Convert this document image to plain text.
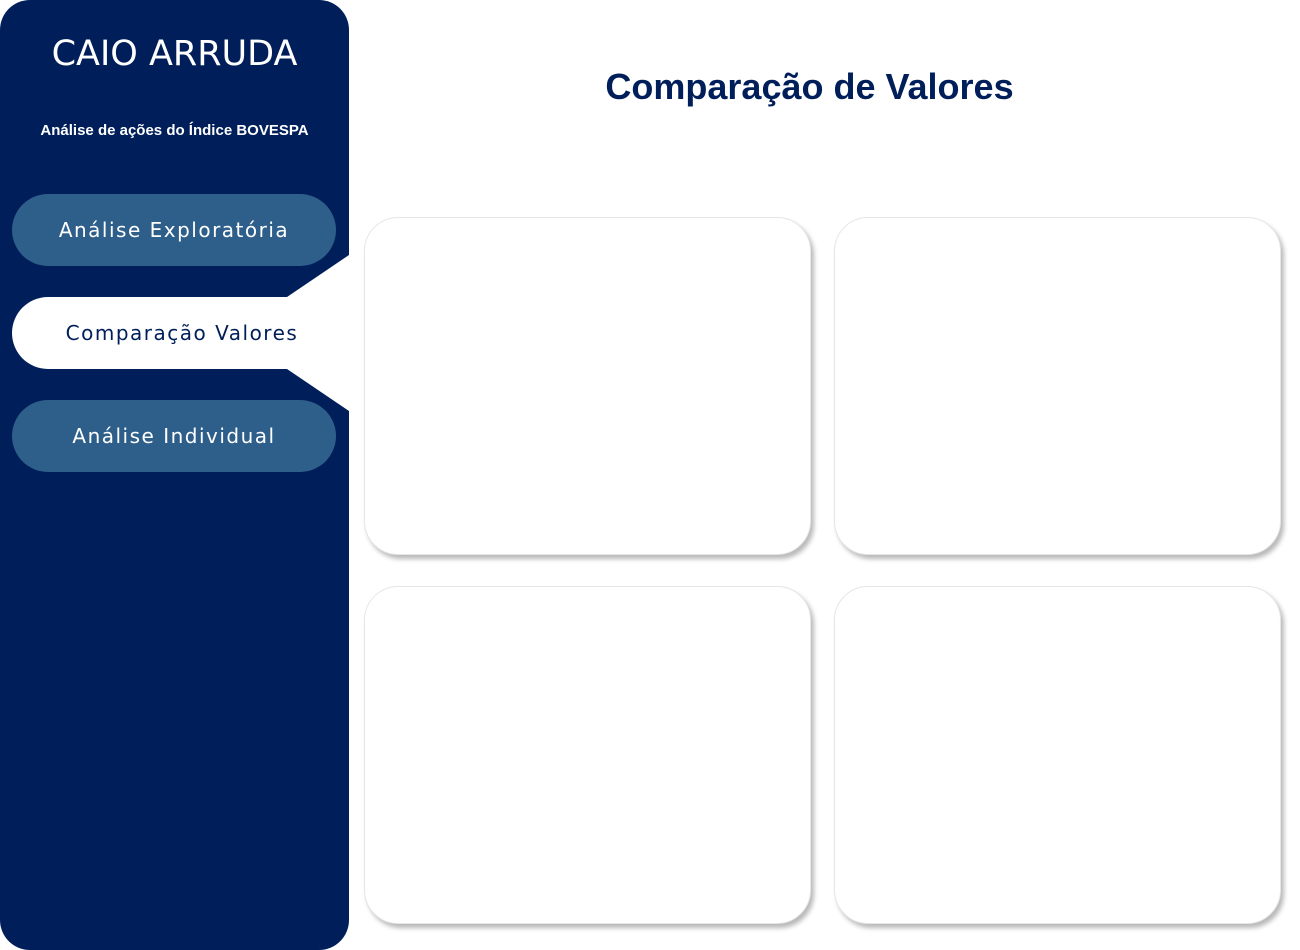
CAIO ARRUDA
Análise de ações do Índice BOVESPA
Análise Exploratória
Comparação Valores
Análise Individual
Comparação de Valores
